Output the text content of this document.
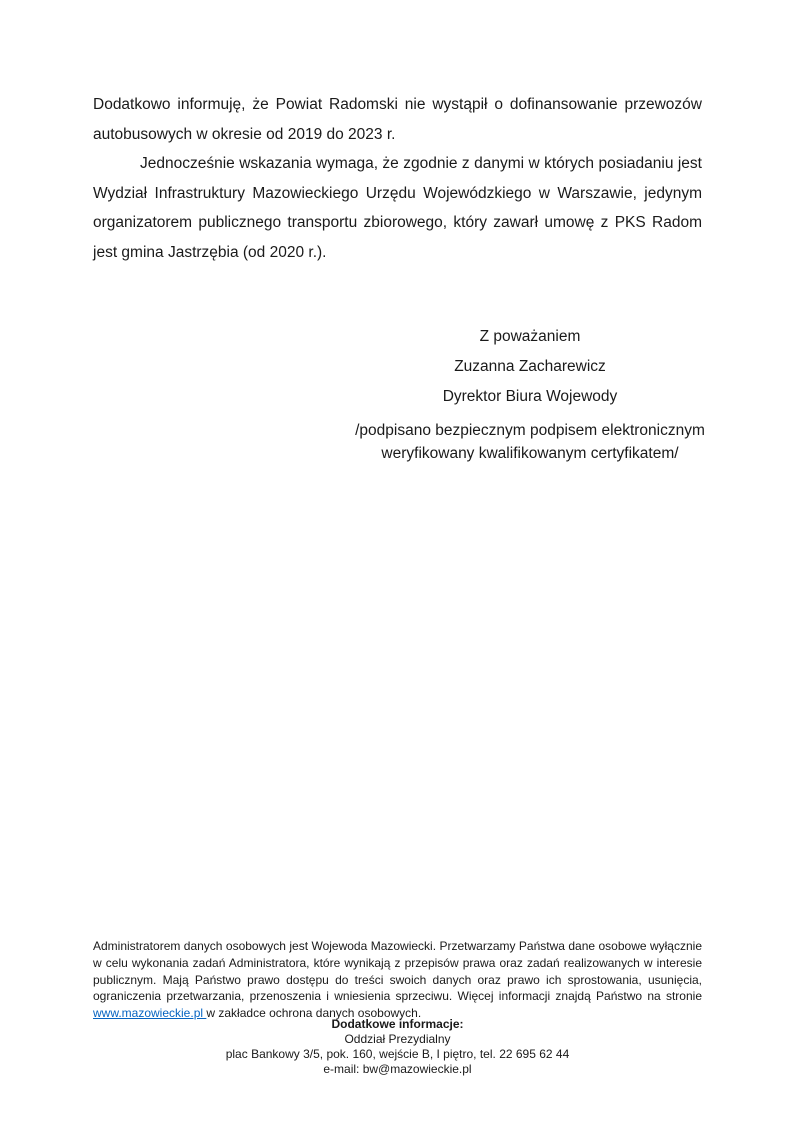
Dodatkowo informuję, że Powiat Radomski nie wystąpił o dofinansowanie przewozów autobusowych w okresie od 2019 do 2023 r.

Jednocześnie wskazania wymaga, że zgodnie z danymi w których posiadaniu jest Wydział Infrastruktury Mazowieckiego Urzędu Wojewódzkiego w Warszawie, jedynym organizatorem publicznego transportu zbiorowego, który zawarł umowę z PKS Radom jest gmina Jastrzębia (od 2020 r.).

Z poważaniem
Zuzanna Zacharewicz
Dyrektor Biura Wojewody
/podpisano bezpiecznym podpisem elektronicznym
weryfikowany kwalifikowanym certyfikatem/
Administratorem danych osobowych jest Wojewoda Mazowiecki. Przetwarzamy Państwa dane osobowe wyłącznie w celu wykonania zadań Administratora, które wynikają z przepisów prawa oraz zadań realizowanych w interesie publicznym. Mają Państwo prawo dostępu do treści swoich danych oraz prawo ich sprostowania, usunięcia, ograniczenia przetwarzania, przenoszenia i wniesienia sprzeciwu. Więcej informacji znajdą Państwo na stronie www.mazowieckie.pl w zakładce ochrona danych osobowych.
Dodatkowe informacje:
Oddział Prezydialny
plac Bankowy 3/5, pok. 160, wejście B, I piętro, tel. 22 695 62 44
e-mail: bw@mazowieckie.pl
